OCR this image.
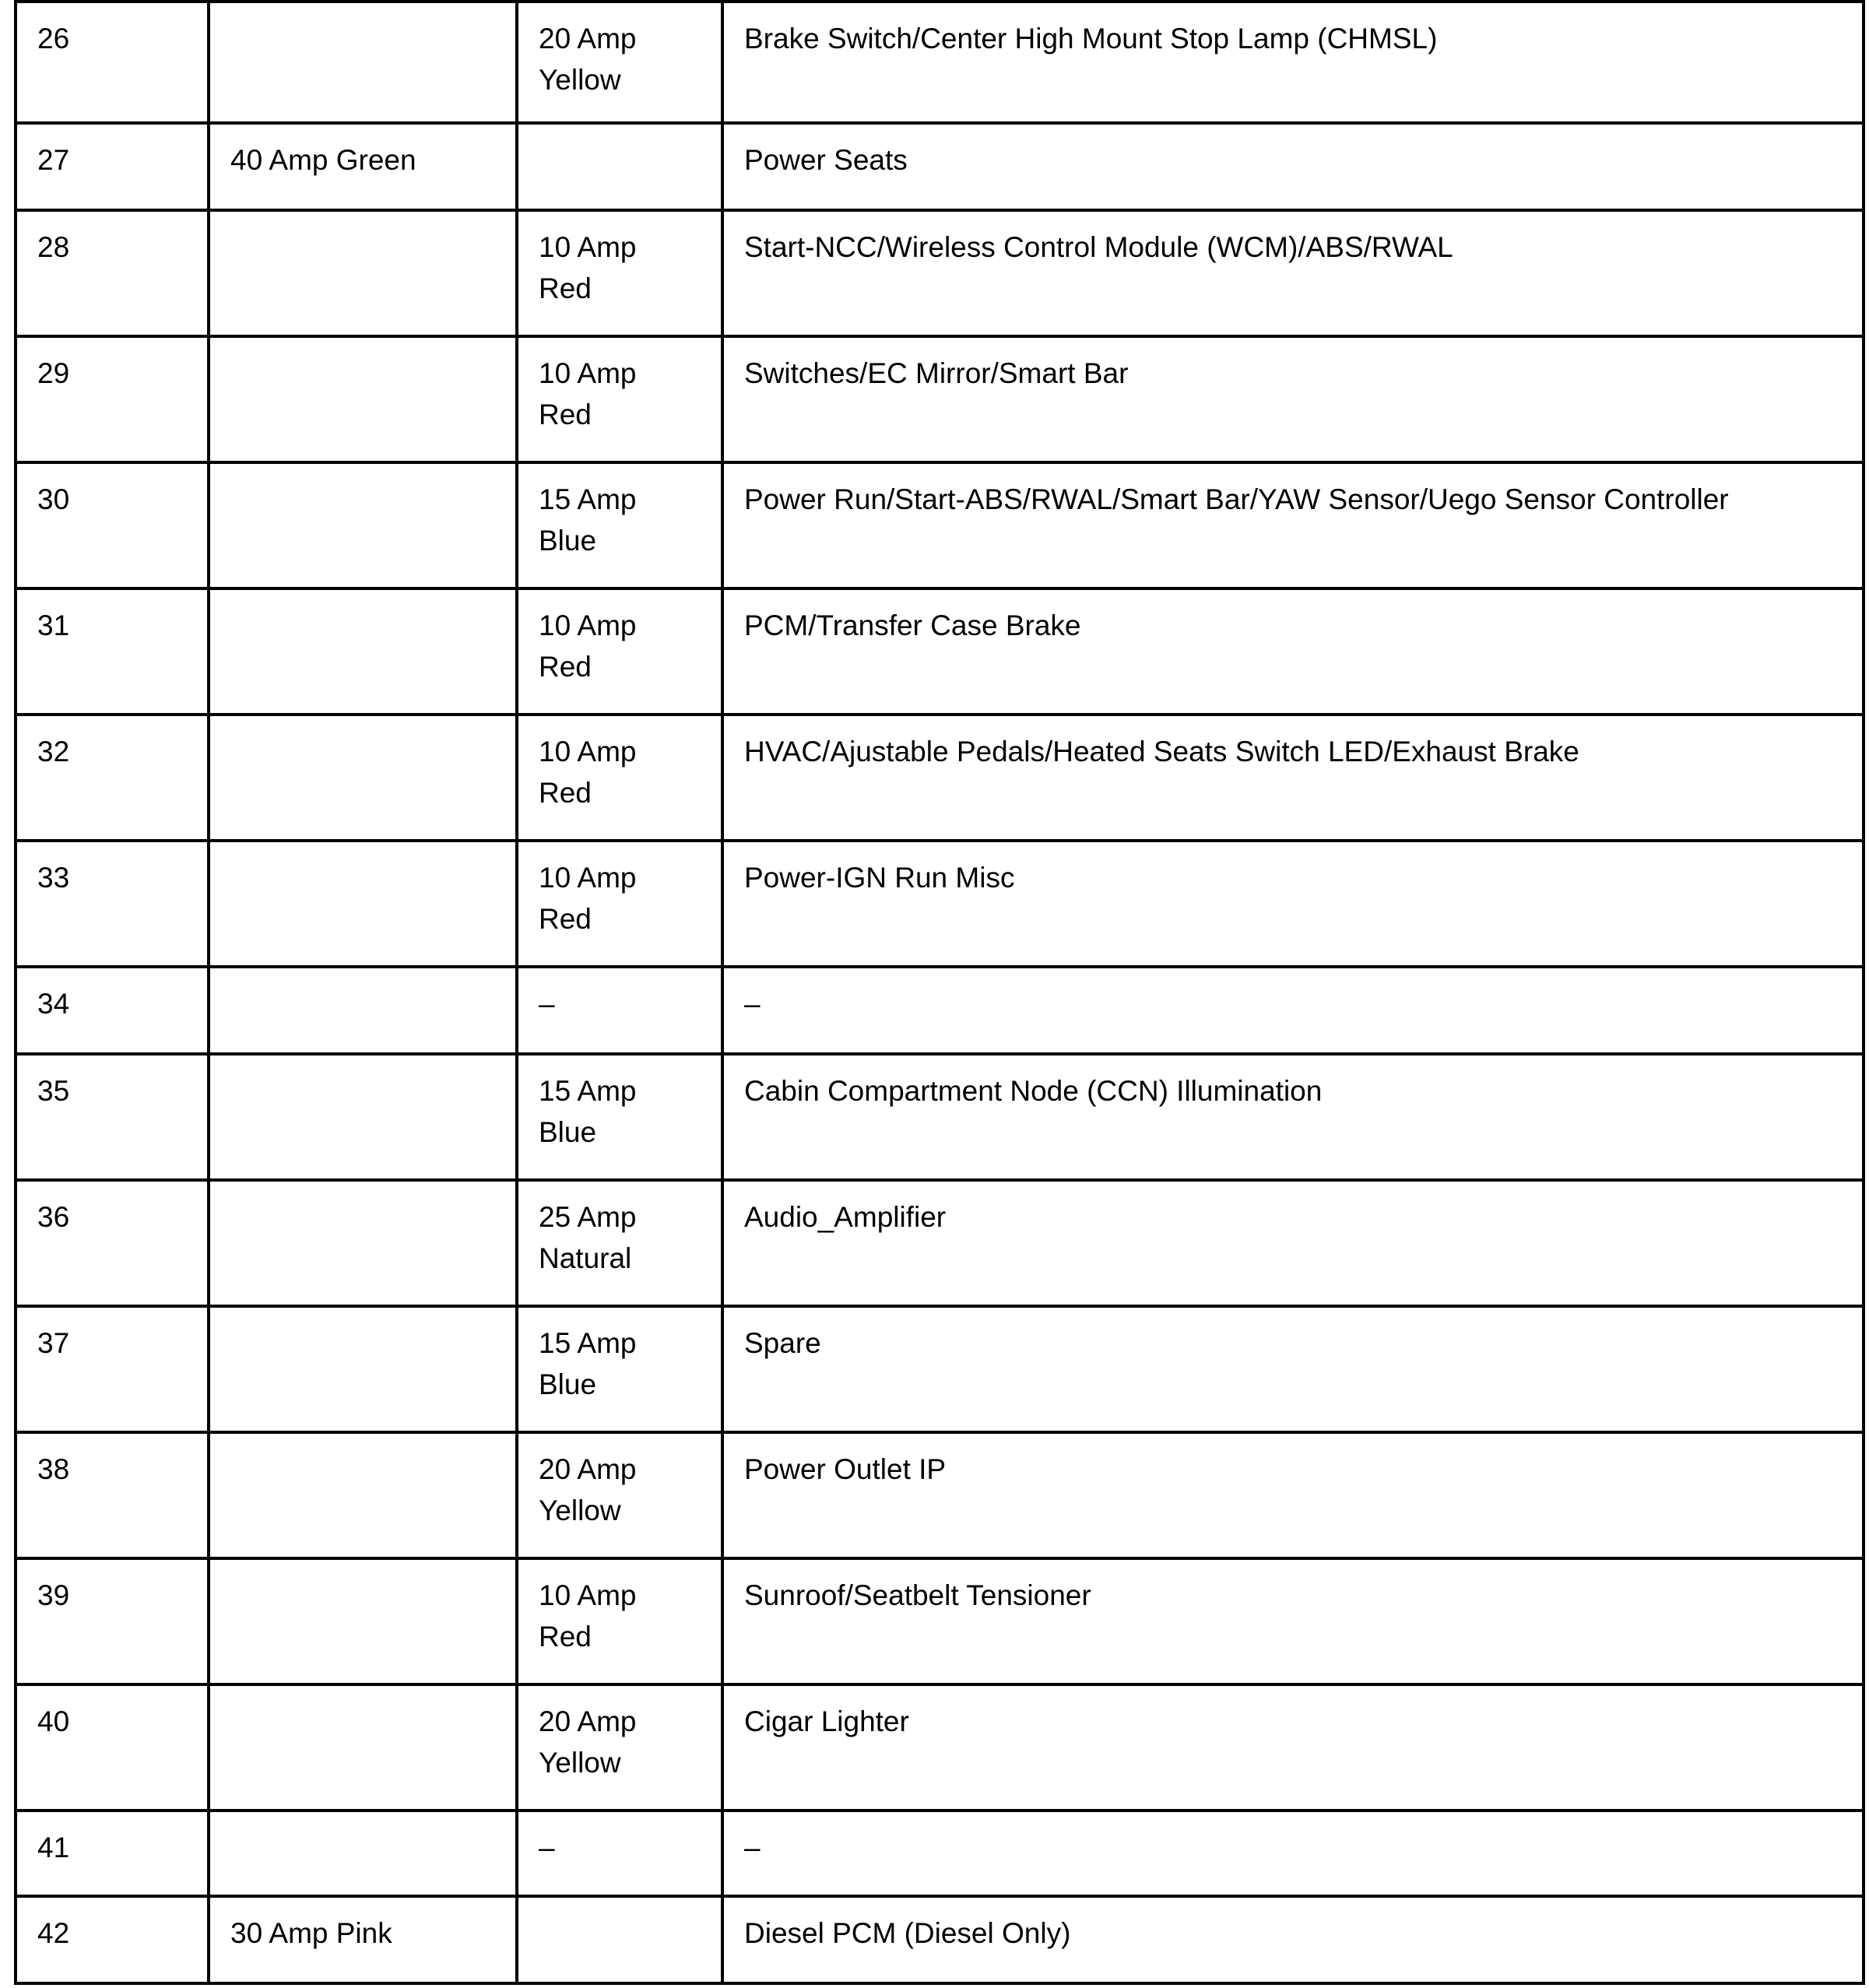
26		20 Amp Yellow	Brake Switch/Center High Mount Stop Lamp (CHMSL)
27	40 Amp Green		Power Seats
28		10 Amp Red	Start-NCC/Wireless Control Module (WCM)/ABS/RWAL
29		10 Amp Red	Switches/EC Mirror/Smart Bar
30		15 Amp Blue	Power Run/Start-ABS/RWAL/Smart Bar/YAW Sensor/Uego Sensor Controller
31		10 Amp Red	PCM/Transfer Case Brake
32		10 Amp Red	HVAC/Ajustable Pedals/Heated Seats Switch LED/Exhaust Brake
33		10 Amp Red	Power-IGN Run Misc
34		–	–
35		15 Amp Blue	Cabin Compartment Node (CCN) Illumination
36		25 Amp Natural	Audio_Amplifier
37		15 Amp Blue	Spare
38		20 Amp Yellow	Power Outlet IP
39		10 Amp Red	Sunroof/Seatbelt Tensioner
40		20 Amp Yellow	Cigar Lighter
41		–	–
42	30 Amp Pink		Diesel PCM (Diesel Only)
